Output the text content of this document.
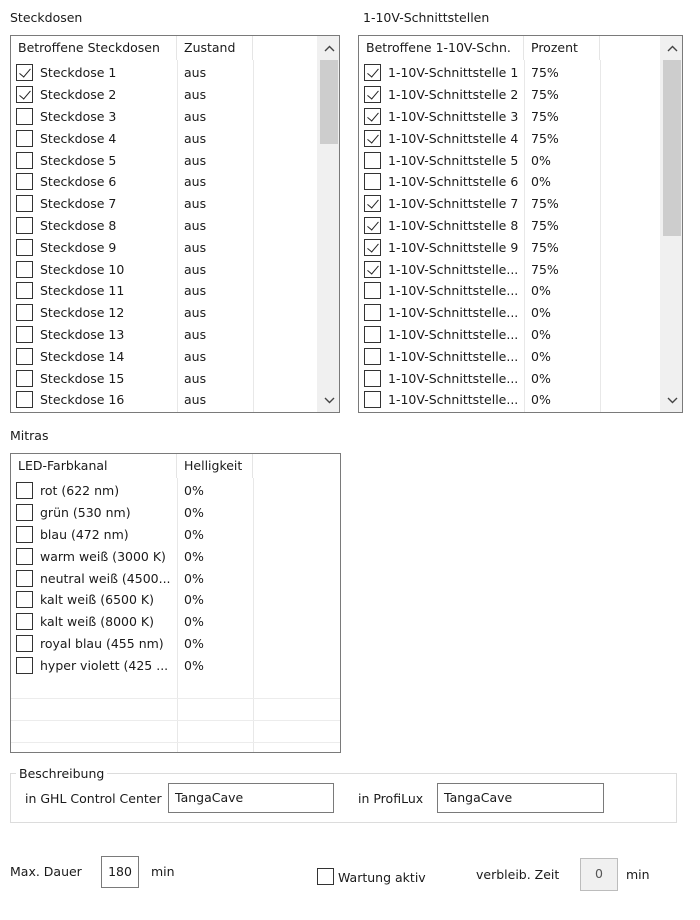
Steckdosen	1-10V-Schnittstellen
Betroffene Steckdosen	Zustand
Steckdose 1	aus
Steckdose 2	aus
Steckdose 3	aus
Steckdose 4	aus
Steckdose 5	aus
Steckdose 6	aus
Steckdose 7	aus
Steckdose 8	aus
Steckdose 9	aus
Steckdose 10	aus
Steckdose 11	aus
Steckdose 12	aus
Steckdose 13	aus
Steckdose 14	aus
Steckdose 15	aus
Steckdose 16	aus
Betroffene 1-10V-Schn.	Prozent
1-10V-Schnittstelle 1	75%
1-10V-Schnittstelle 2	75%
1-10V-Schnittstelle 3	75%
1-10V-Schnittstelle 4	75%
1-10V-Schnittstelle 5	0%
1-10V-Schnittstelle 6	0%
1-10V-Schnittstelle 7	75%
1-10V-Schnittstelle 8	75%
1-10V-Schnittstelle 9	75%
1-10V-Schnittstelle...	75%
1-10V-Schnittstelle...	0%
1-10V-Schnittstelle...	0%
1-10V-Schnittstelle...	0%
1-10V-Schnittstelle...	0%
1-10V-Schnittstelle...	0%
1-10V-Schnittstelle...	0%
Mitras
LED-Farbkanal	Helligkeit
rot (622 nm)	0%
grün (530 nm)	0%
blau (472 nm)	0%
warm weiß (3000 K)	0%
neutral weiß (4500...	0%
kalt weiß (6500 K)	0%
kalt weiß (8000 K)	0%
royal blau (455 nm)	0%
hyper violett (425 ...	0%
Beschreibung
in GHL Control Center	TangaCave	in ProfiLux	TangaCave
Max. Dauer	180	min	Wartung aktiv	verbleib. Zeit	0	min
